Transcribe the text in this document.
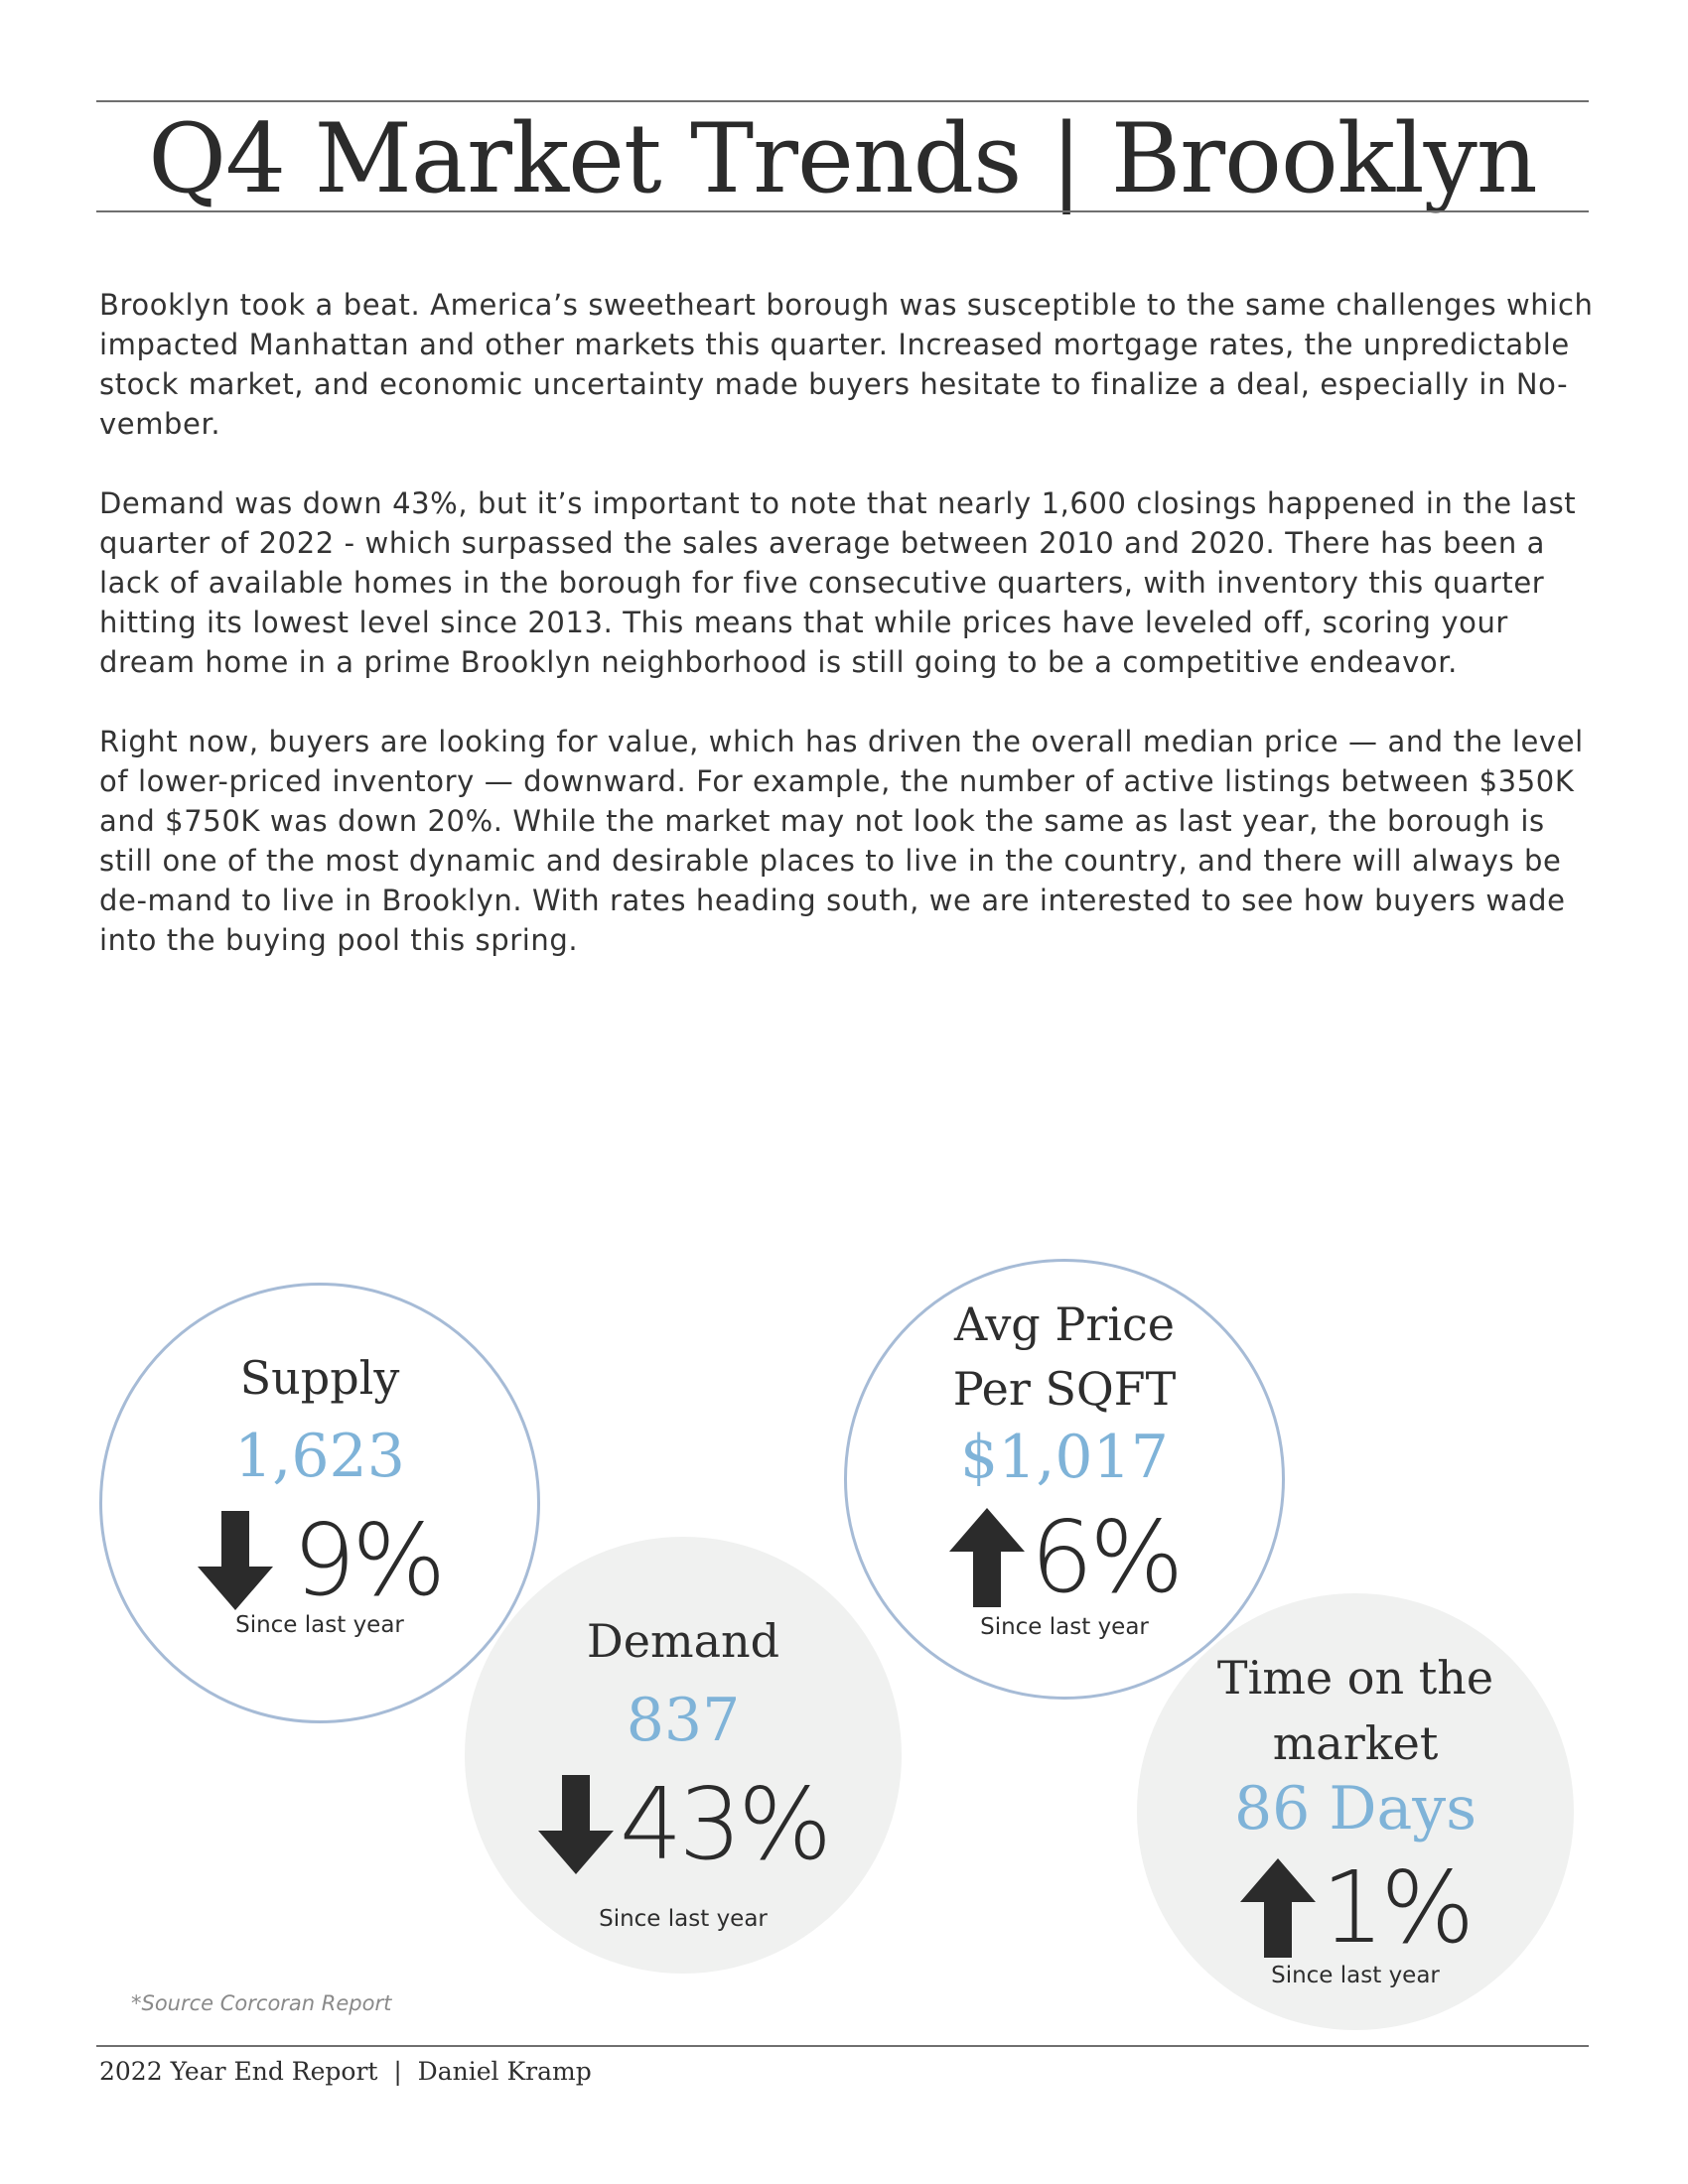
Q4 Market Trends | Brooklyn

Brooklyn took a beat. America’s sweetheart borough was susceptible to the same challenges which impacted Manhattan and other markets this quarter. Increased mortgage rates, the unpredictable stock market, and economic uncertainty made buyers hesitate to finalize a deal, especially in No-vember.

Demand was down 43%, but it’s important to note that nearly 1,600 closings happened in the last quarter of 2022 - which surpassed the sales average between 2010 and 2020. There has been a lack of available homes in the borough for five consecutive quarters, with inventory this quarter hitting its lowest level since 2013. This means that while prices have leveled off, scoring your dream home in a prime Brooklyn neighborhood is still going to be a competitive endeavor.

Right now, buyers are looking for value, which has driven the overall median price — and the level of lower-priced inventory — downward. For example, the number of active listings between $350K and $750K was down 20%. While the market may not look the same as last year, the borough is still one of the most dynamic and desirable places to live in the country, and there will always be de-mand to live in Brooklyn. With rates heading south, we are interested to see how buyers wade into the buying pool this spring.

Demand
837
43%
Since last year
Supply
1,623
9%
Since last year
Time on the
market
86 Days
1%
Since last year
Avg Price
Per SQFT
$1,017
6%
Since last year
*Source Corcoran Report
2022 Year End Report  |  Daniel Kramp
